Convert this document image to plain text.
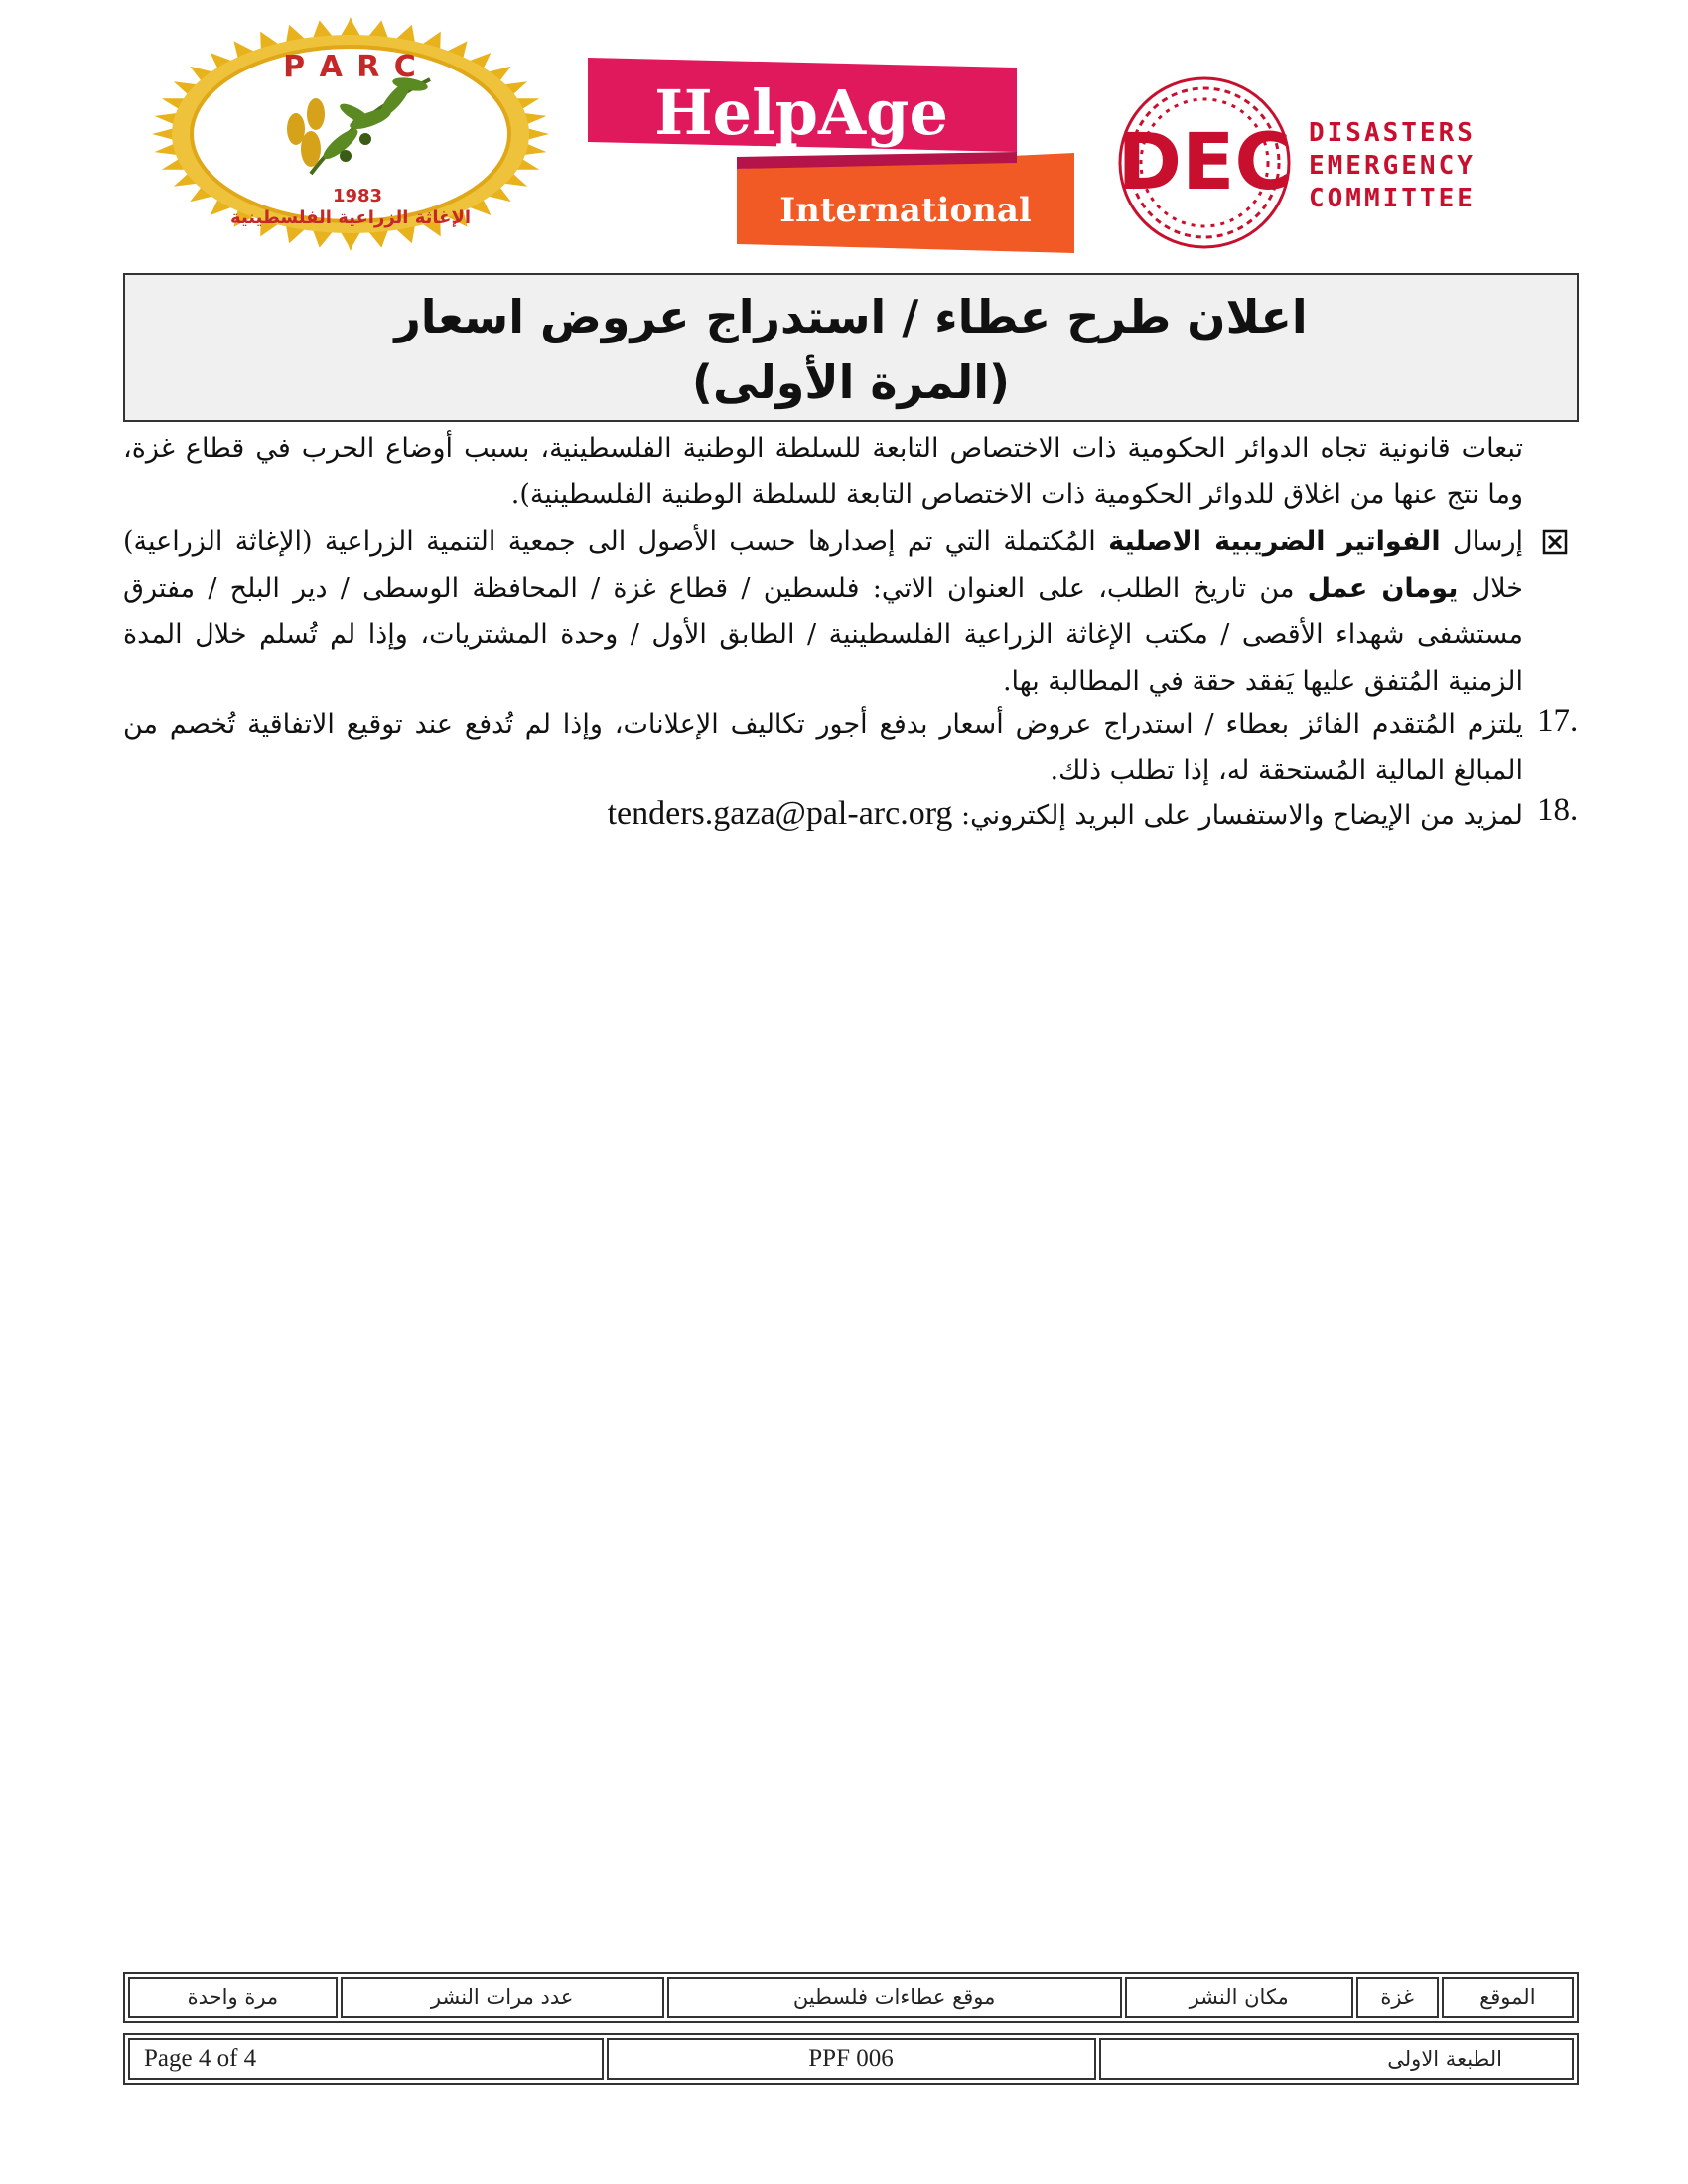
P A R C
1983
الإغاثة الزراعية الفلسطينية
HelpAge
International
DEC DISASTERS
EMERGENCY
COMMITTEE
اعلان طرح عطاء / استدراج عروض اسعار
(المرة الأولى)
تبعات قانونية تجاه الدوائر الحكومية ذات الاختصاص التابعة للسلطة الوطنية الفلسطينية، بسبب أوضاع الحرب في قطاع غزة، وما نتج عنها من اغلاق للدوائر الحكومية ذات الاختصاص التابعة للسلطة الوطنية الفلسطينية).
إرسال الفواتير الضريبية الاصلية المُكتملة التي تم إصدارها حسب الأصول الى جمعية التنمية الزراعية (الإغاثة الزراعية) خلال يومان عمل من تاريخ الطلب، على العنوان الاتي: فلسطين / قطاع غزة / المحافظة الوسطى / دير البلح / مفترق مستشفى شهداء الأقصى / مكتب الإغاثة الزراعية الفلسطينية / الطابق الأول / وحدة المشتريات، وإذا لم تُسلم خلال المدة الزمنية المُتفق عليها يَفقد حقة في المطالبة بها.
17.
يلتزم المُتقدم الفائز بعطاء / استدراج عروض أسعار بدفع أجور تكاليف الإعلانات، وإذا لم تُدفع عند توقيع الاتفاقية تُخصم من المبالغ المالية المُستحقة له، إذا تطلب ذلك.
18.
لمزيد من الإيضاح والاستفسار على البريد إلكتروني: tenders.gaza@pal-arc.org
الموقع	غزة	مكان النشر	موقع عطاءات فلسطين	عدد مرات النشر	مرة واحدة
Page 4 of 4	PPF 006	الطبعة الاولى
